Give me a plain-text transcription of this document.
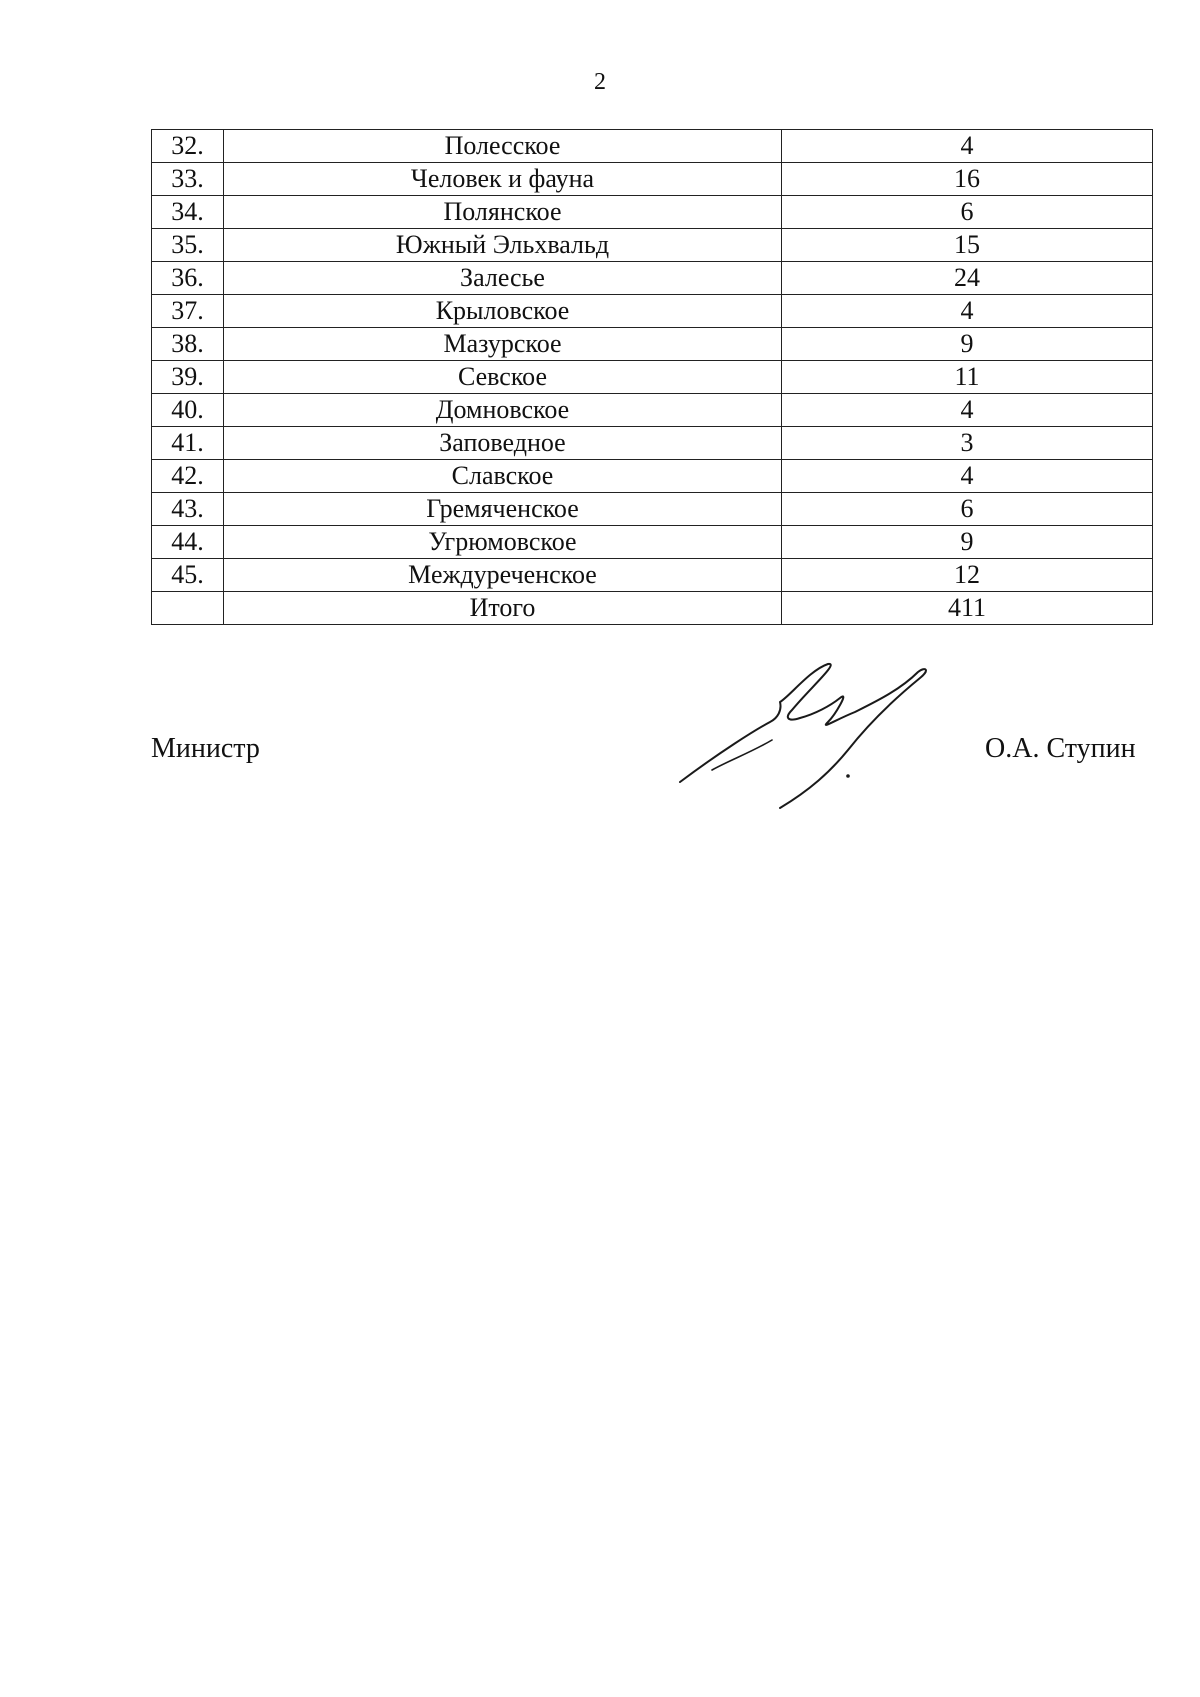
2
32.	Полесское	4
33.	Человек и фауна	16
34.	Полянское	6
35.	Южный Эльхвальд	15
36.	Залесье	24
37.	Крыловское	4
38.	Мазурское	9
39.	Севское	11
40.	Домновское	4
41.	Заповедное	3
42.	Славское	4
43.	Гремяченское	6
44.	Угрюмовское	9
45.	Междуреченское	12
	Итого	411
Министр	О.А. Ступин
